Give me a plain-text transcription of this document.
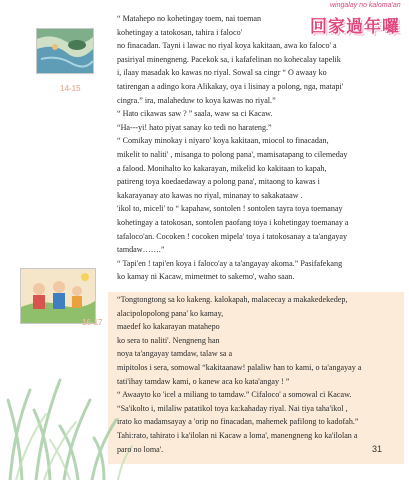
wingalay no kaloma'an
回家過年囉
14-15
“ Matahepo no kohetingay toem, nai toeman
kohetingay a tatokosan, tahira i faloco'
no finacadan. Tayni i lawac no riyal koya kakitaan, awa ko faloco' a
pasiriyal minengneng. Pacekok sa, i kafafelinan no kohecalay tapelik
i, ilaay masadak ko kawas no riyal. Sowal sa cingr “ O awaay ko
tatirengan a adingo kora Alikakay, oya i lisinay a polong, nga, matapi'
cingra.” ira, malaheduw to koya kawas no riyal.”
“ Hato cikawas saw ? ” saala, waw sa ci Kacaw.
“Ha---yi! hato piyat sanay ko tedi no harateng.”
“ Comikay minokay i niyaro' koya kakitaan, miocol to finacadan,
mikelit to naliti' , misanga to polong pana', mamisatapang to cilemeday
a falood. Monihalto ko kakarayan, mikelid ko kakitaan to kapah,
patireng toya koedaedaway a polong pana', mitaong to kawas i
kakarayanay ato kawas no riyal, minanay to sakakataaw .
'ikol to, miceli' to “ kapahaw, sontolen ! sontolen tayra toya toemanay
kohetingay a tatokosan, sontolen paofang toya i kohetingay toemanay a
tafaloco'an. Cocoken ! cocoken mipela' toya i tatokosanay a ta'angayay
tamdaw…….”
“ Tapi'en ! tapi'en koya i faloco'ay a ta'angayay akoma.” Pasifafekang
ko kamay ni Kacaw, mimetmet to sakemo', waho saan.
16-17
“Tongtongtong sa ko kakeng. kalokapah, malacecay a makakedekedep,
alacipolopolong pana' ko kamay,
maedef ko kakarayan matahepo
ko sera to naliti'. Nengneng han
noya ta'angayay tamdaw, talaw sa a
mipitolos i sera, somowal “kakitaanaw! palaliw han to kami, o ta'angayay a
tati'ihay tamdaw kami, o kanew aca ko kata'angay ! ”
“ Awaayto ko 'icel a miliang to tamdaw.” Cifaloco' a somowal ci Kacaw.
“Sa'ikolto i, milaliw patatikol toya ka:kahaday riyal. Nai tiya taha'ikol ,
irato ko madamsayay a 'orip no finacadan, mahemek pafilong to kadofah.”
Tahi:rato, tahirato i ka'ilolan ni Kacaw a loma', manengneng ko ka'ilolan a
paro no loma'.	31
